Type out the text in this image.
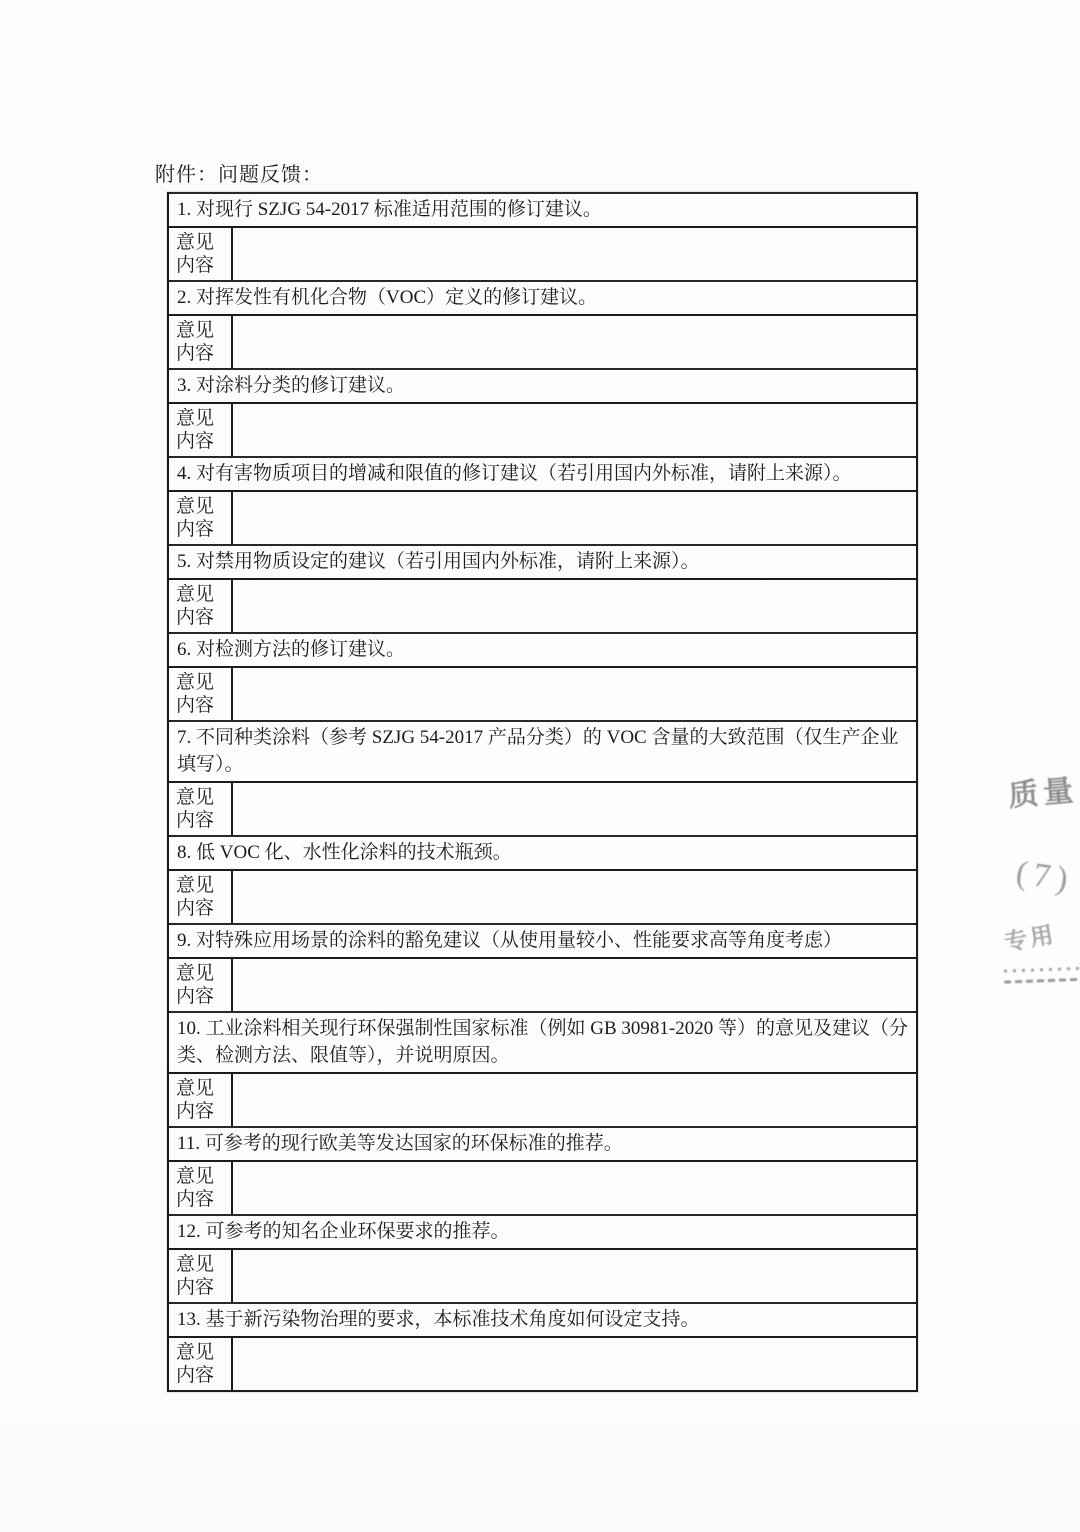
附件：问题反馈：
1. 对现行 SZJG 54-2017 标准适用范围的修订建议。
意见
内容
2. 对挥发性有机化合物（VOC）定义的修订建议。
意见
内容
3. 对涂料分类的修订建议。
意见
内容
4. 对有害物质项目的增减和限值的修订建议（若引用国内外标准，请附上来源）。
意见
内容
5. 对禁用物质设定的建议（若引用国内外标准，请附上来源）。
意见
内容
6. 对检测方法的修订建议。
意见
内容
7. 不同种类涂料（参考 SZJG 54-2017 产品分类）的 VOC 含量的大致范围（仅生产企业填写）。
意见
内容
8. 低 VOC 化、水性化涂料的技术瓶颈。
意见
内容
9. 对特殊应用场景的涂料的豁免建议（从使用量较小、性能要求高等角度考虑）
意见
内容
10. 工业涂料相关现行环保强制性国家标准（例如 GB 30981-2020 等）的意见及建议（分类、检测方法、限值等），并说明原因。
意见
内容
11. 可参考的现行欧美等发达国家的环保标准的推荐。
意见
内容
12. 可参考的知名企业环保要求的推荐。
意见
内容
13. 基于新污染物治理的要求，本标准技术角度如何设定支持。
意见
内容
质量
(7)
专用
